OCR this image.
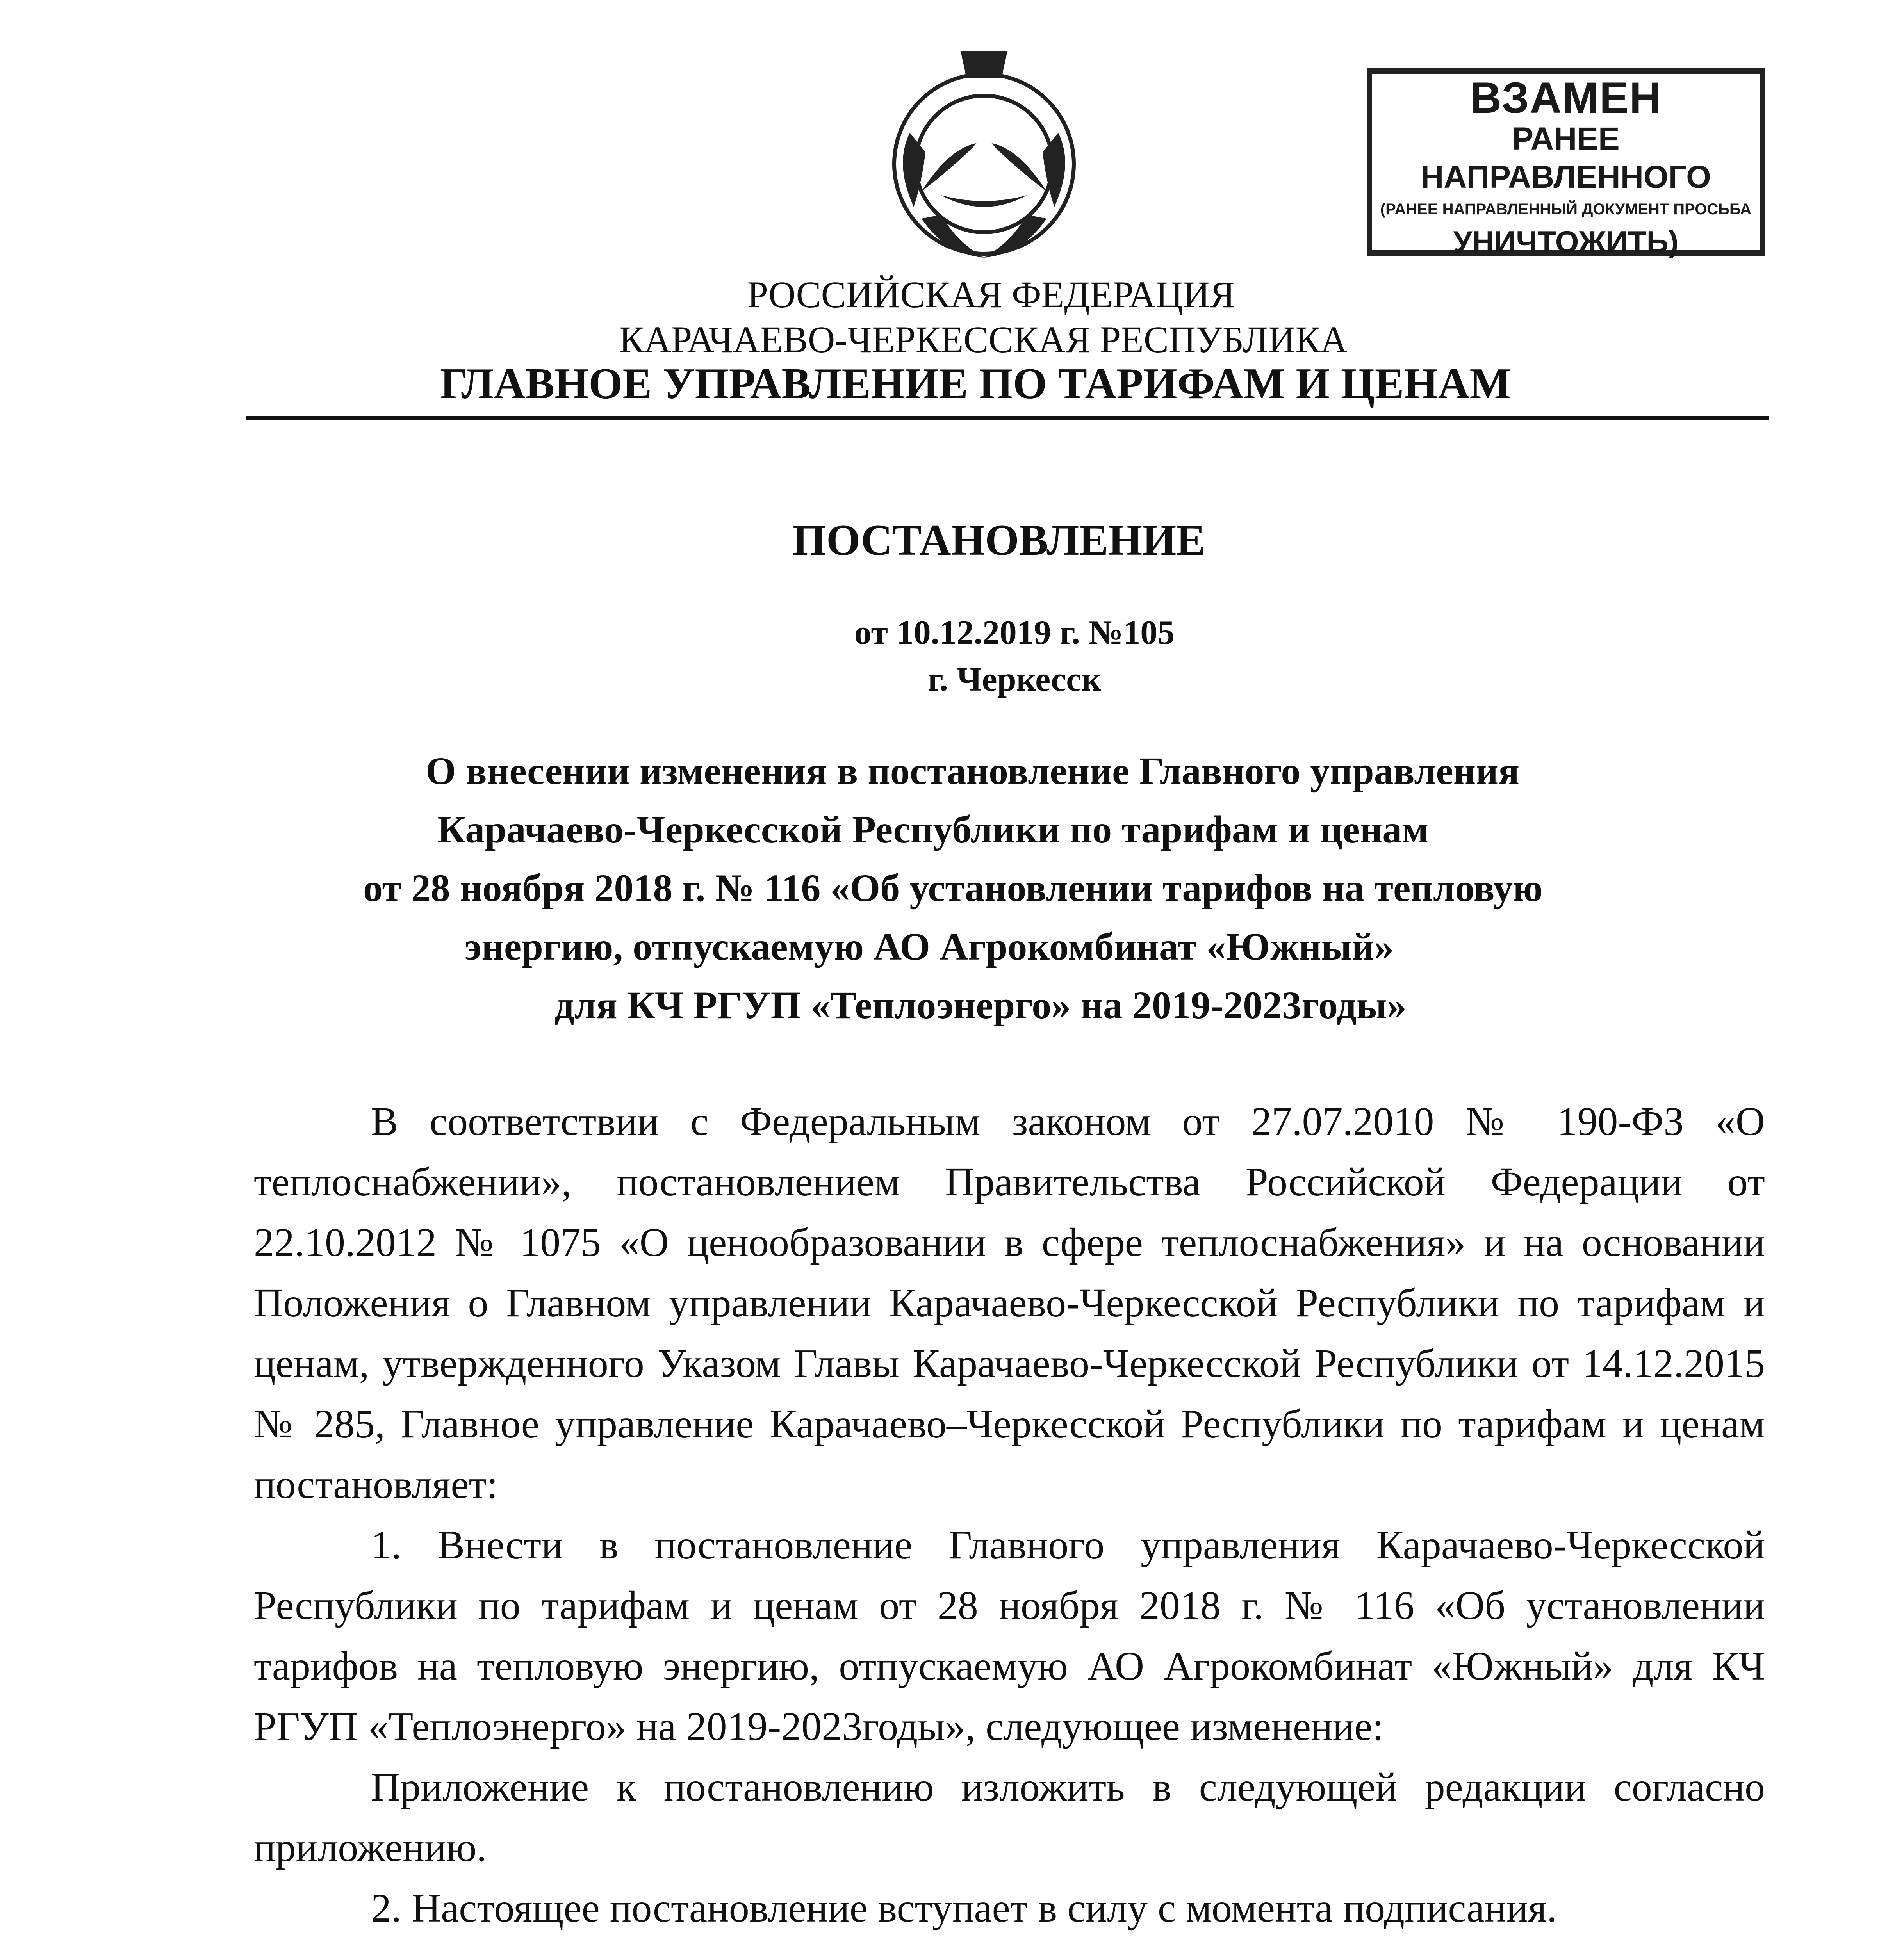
ВЗАМЕН
РАНЕЕ НАПРАВЛЕННОГО
(РАНЕЕ НАПРАВЛЕННЫЙ ДОКУМЕНТ ПРОСЬБА
УНИЧТОЖИТЬ)
РОССИЙСКАЯ ФЕДЕРАЦИЯ
КАРАЧАЕВО-ЧЕРКЕССКАЯ РЕСПУБЛИКА
ГЛАВНОЕ УПРАВЛЕНИЕ ПО ТАРИФАМ И ЦЕНАМ
ПОСТАНОВЛЕНИЕ
от 10.12.2019 г. №105
г. Черкесск
О внесении изменения в постановление Главного управления
Карачаево-Черкесской Республики по тарифам и ценам
от 28 ноября 2018 г. № 116 «Об установлении тарифов на тепловую
энергию, отпускаемую АО Агрокомбинат «Южный»
для КЧ РГУП «Теплоэнерго» на 2019-2023годы»

В соответствии с Федеральным законом от 27.07.2010 № 190-ФЗ «О теплоснабжении», постановлением Правительства Российской Федерации от 22.10.2012 № 1075 «О ценообразовании в сфере теплоснабжения» и на основании Положения о Главном управлении Карачаево-Черкесской Республики по тарифам и ценам, утвержденного Указом Главы Карачаево-Черкесской Республики от 14.12.2015 № 285, Главное управление Карачаево–Черкесской Республики по тарифам и ценам постановляет:

1. Внести в постановление Главного управления Карачаево-Черкесской Республики по тарифам и ценам от 28 ноября 2018 г. № 116 «Об установлении тарифов на тепловую энергию, отпускаемую АО Агрокомбинат «Южный» для КЧ РГУП «Теплоэнерго» на 2019-2023годы», следующее изменение:

Приложение к постановлению изложить в следующей редакции согласно приложению.

2. Настоящее постановление вступает в силу с момента подписания.
